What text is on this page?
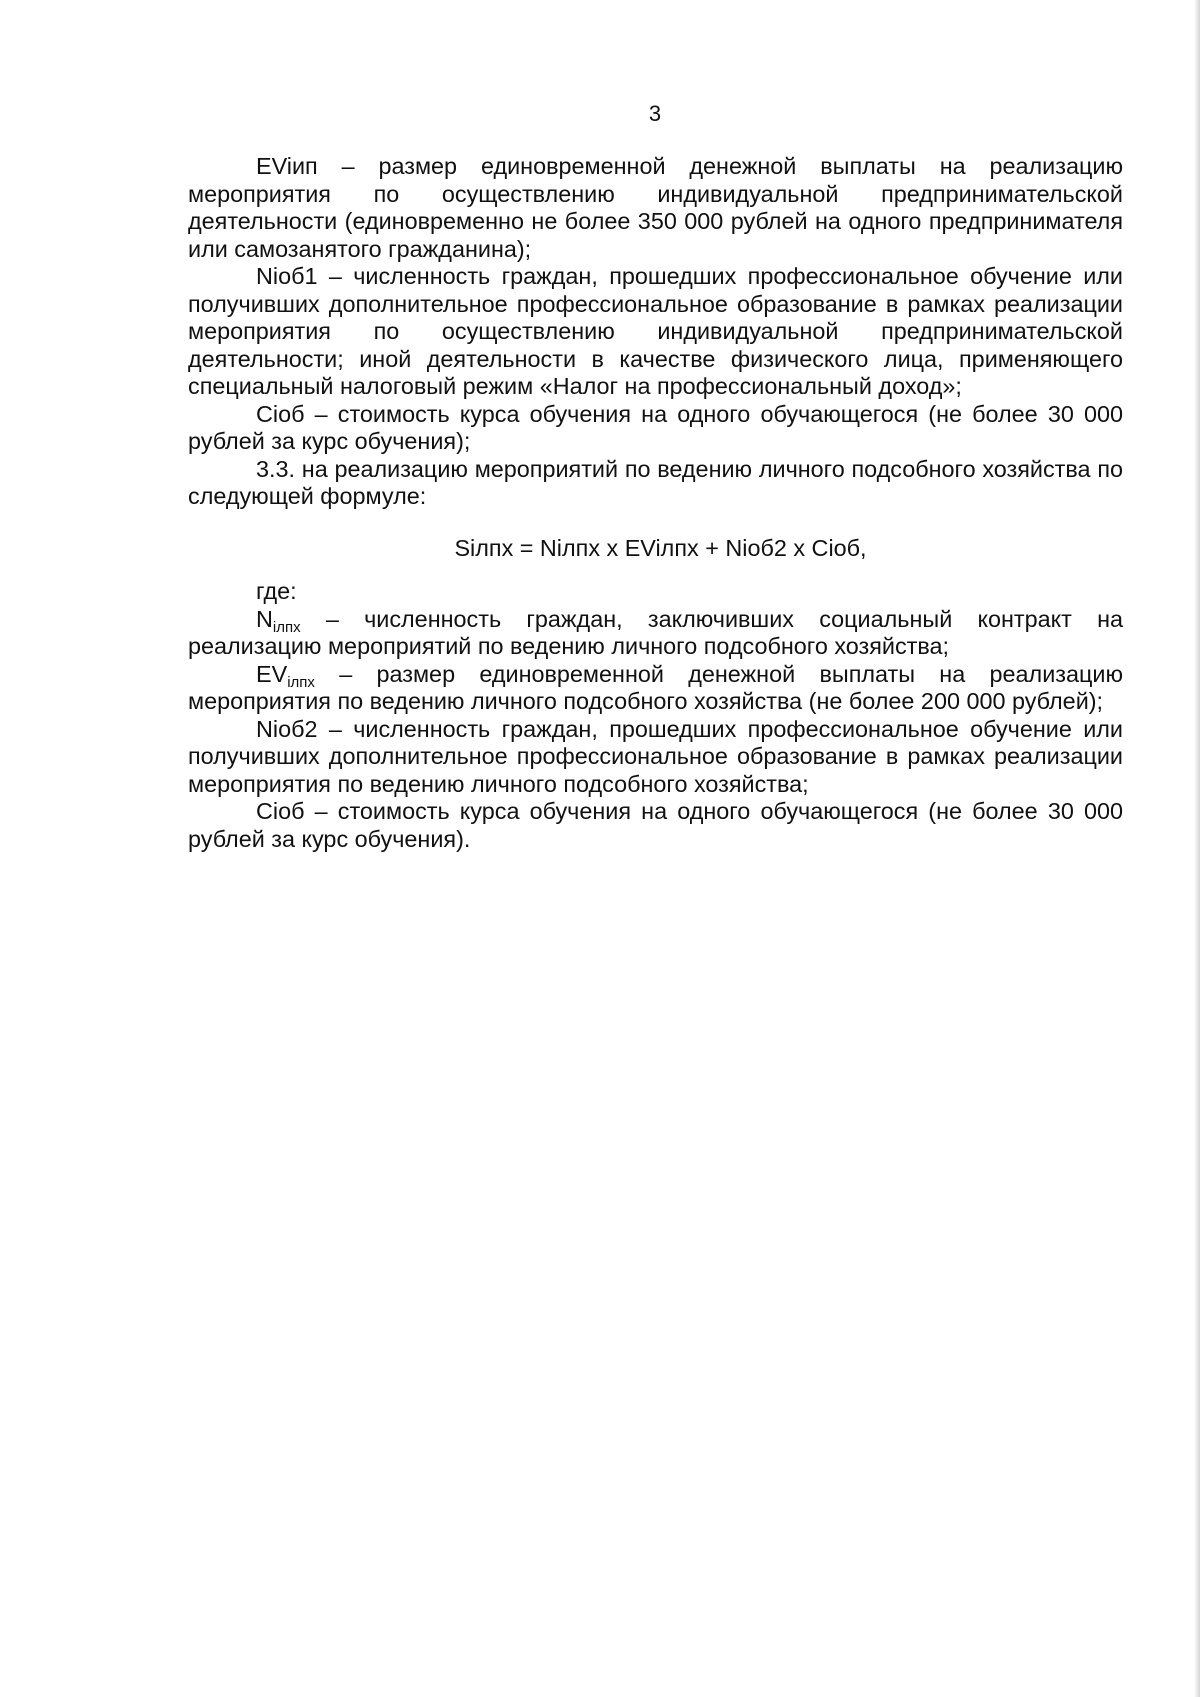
3

EViип – размер единовременной денежной выплаты на реализацию мероприятия по осуществлению индивидуальной предпринимательской деятельности (единовременно не более 350 000 рублей на одного предпринимателя или самозанятого гражданина);

Niоб1 – численность граждан, прошедших профессиональное обучение или получивших дополнительное профессиональное образование в рамках реализации мероприятия по осуществлению индивидуальной предпринимательской деятельности; иной деятельности в качестве физического лица, применяющего специальный налоговый режим «Налог на профессиональный доход»;

Ciоб – стоимость курса обучения на одного обучающегося (не более 30 000 рублей за курс обучения);

3.3. на реализацию мероприятий по ведению личного подсобного хозяйства по следующей формуле:

Siлпх = Niлпх x EViлпх + Niоб2 x Ciоб,

где:

$N_{iлпх}$ – численность граждан, заключивших социальный контракт на реализацию мероприятий по ведению личного подсобного хозяйства;

$EV_{iлпх}$ – размер единовременной денежной выплаты на реализацию мероприятия по ведению личного подсобного хозяйства (не более 200 000 рублей);

Niоб2 – численность граждан, прошедших профессиональное обучение или получивших дополнительное профессиональное образование в рамках реализации мероприятия по ведению личного подсобного хозяйства;

Ciоб – стоимость курса обучения на одного обучающегося (не более 30 000 рублей за курс обучения).
